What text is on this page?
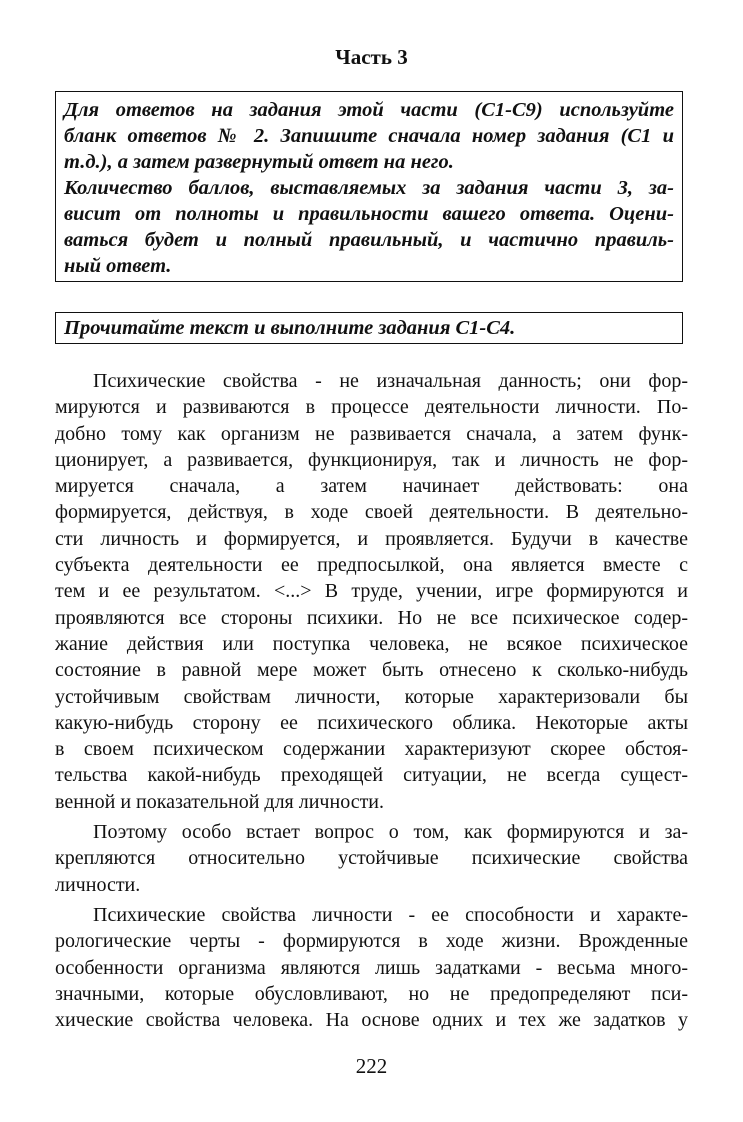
Часть 3
Для ответов на задания этой части (С1-С9) используйте
бланк ответов № 2. Запишите сначала номер задания (С1 и
т.д.), а затем развернутый ответ на него.
Количество баллов, выставляемых за задания части 3, за-
висит от полноты и правильности вашего ответа. Оцени-
ваться будет и полный правильный, и частично правиль-
ный ответ.
Прочитайте текст и выполните задания С1-С4.
Психические свойства - не изначальная данность; они фор-
мируются и развиваются в процессе деятельности личности. По-
добно тому как организм не развивается сначала, а затем функ-
ционирует, а развивается, функционируя, так и личность не фор-
мируется сначала, а затем начинает действовать: она
формируется, действуя, в ходе своей деятельности. В деятельно-
сти личность и формируется, и проявляется. Будучи в качестве
субъекта деятельности ее предпосылкой, она является вместе с
тем и ее результатом. <...> В труде, учении, игре формируются и
проявляются все стороны психики. Но не все психическое содер-
жание действия или поступка человека, не всякое психическое
состояние в равной мере может быть отнесено к сколько-нибудь
устойчивым свойствам личности, которые характеризовали бы
какую-нибудь сторону ее психического облика. Некоторые акты
в своем психическом содержании характеризуют скорее обстоя-
тельства какой-нибудь преходящей ситуации, не всегда сущест-
венной и показательной для личности.
Поэтому особо встает вопрос о том, как формируются и за-
крепляются относительно устойчивые психические свойства
личности.
Психические свойства личности - ее способности и характе-
рологические черты - формируются в ходе жизни. Врожденные
особенности организма являются лишь задатками - весьма много-
значными, которые обусловливают, но не предопределяют пси-
хические свойства человека. На основе одних и тех же задатков у
222
